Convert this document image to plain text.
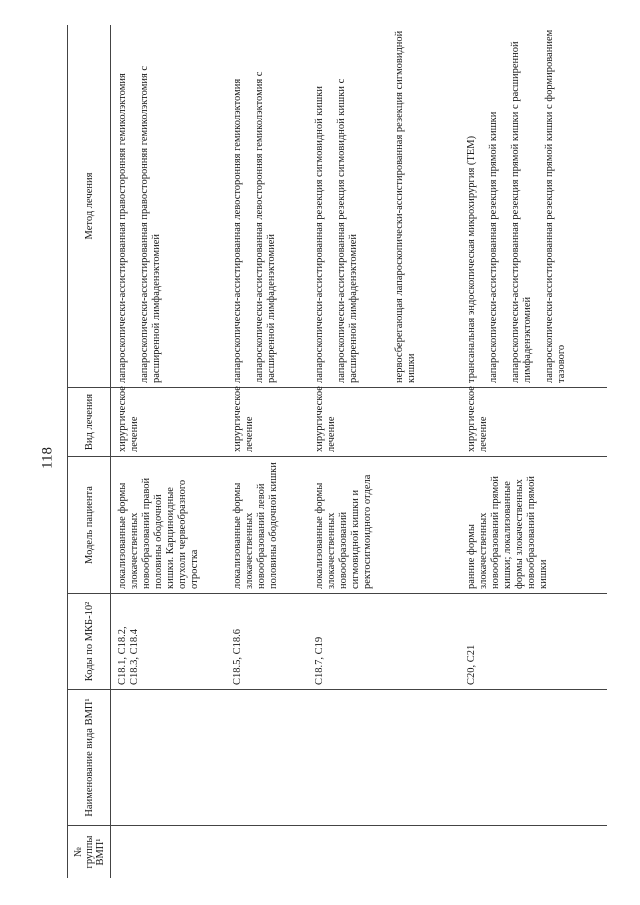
118
№ группы ВМП¹	Наименование вида ВМП¹	Коды по МКБ-10²	Модель пациента	Вид лечения	Метод лечения
		C18.1, C18.2, C18.3, C18.4	локализованные формы злокачественных новообразований правой половины ободочной кишки. Карциноидные опухоли червеобразного отростка	хирургическое лечение	лапароскопически-ассистированная правосторонняя гемиколэктомия лапароскопически-ассистированная правосторонняя гемиколэктомия с расширенной лимфаденэктомией

		C18.5, C18.6	локализованные формы злокачественных новообразований левой половины ободочной кишки	хирургическое лечение	лапароскопически-ассистированная левосторонняя гемиколэктомия лапароскопически-ассистированная левосторонняя гемиколэктомия с расширенной лимфаденэктомией

		C18.7, C19	локализованные формы злокачественных новообразований сигмовидной кишки и ректосигмоидного отдела	хирургическое лечение	лапароскопически-ассистированная резекция сигмовидной кишки лапароскопически-ассистированная резекция сигмовидной кишки с расширенной лимфаденэктомией нервосберегающая лапароскопически-ассистированная резекция сигмовидной кишки

		C20, C21	ранние формы злокачественных новообразований прямой кишки; локализованные формы злокачественных новообразований прямой кишки	хирургическое лечение	трансанальная эндоскопическая микрохирургия (ТЕМ) лапароскопически-ассистированная резекция прямой кишки лапароскопически-ассистированная резекция прямой кишки с расширенной лимфаденэктомией лапароскопически-ассистированная резекция прямой кишки с формированием тазового
